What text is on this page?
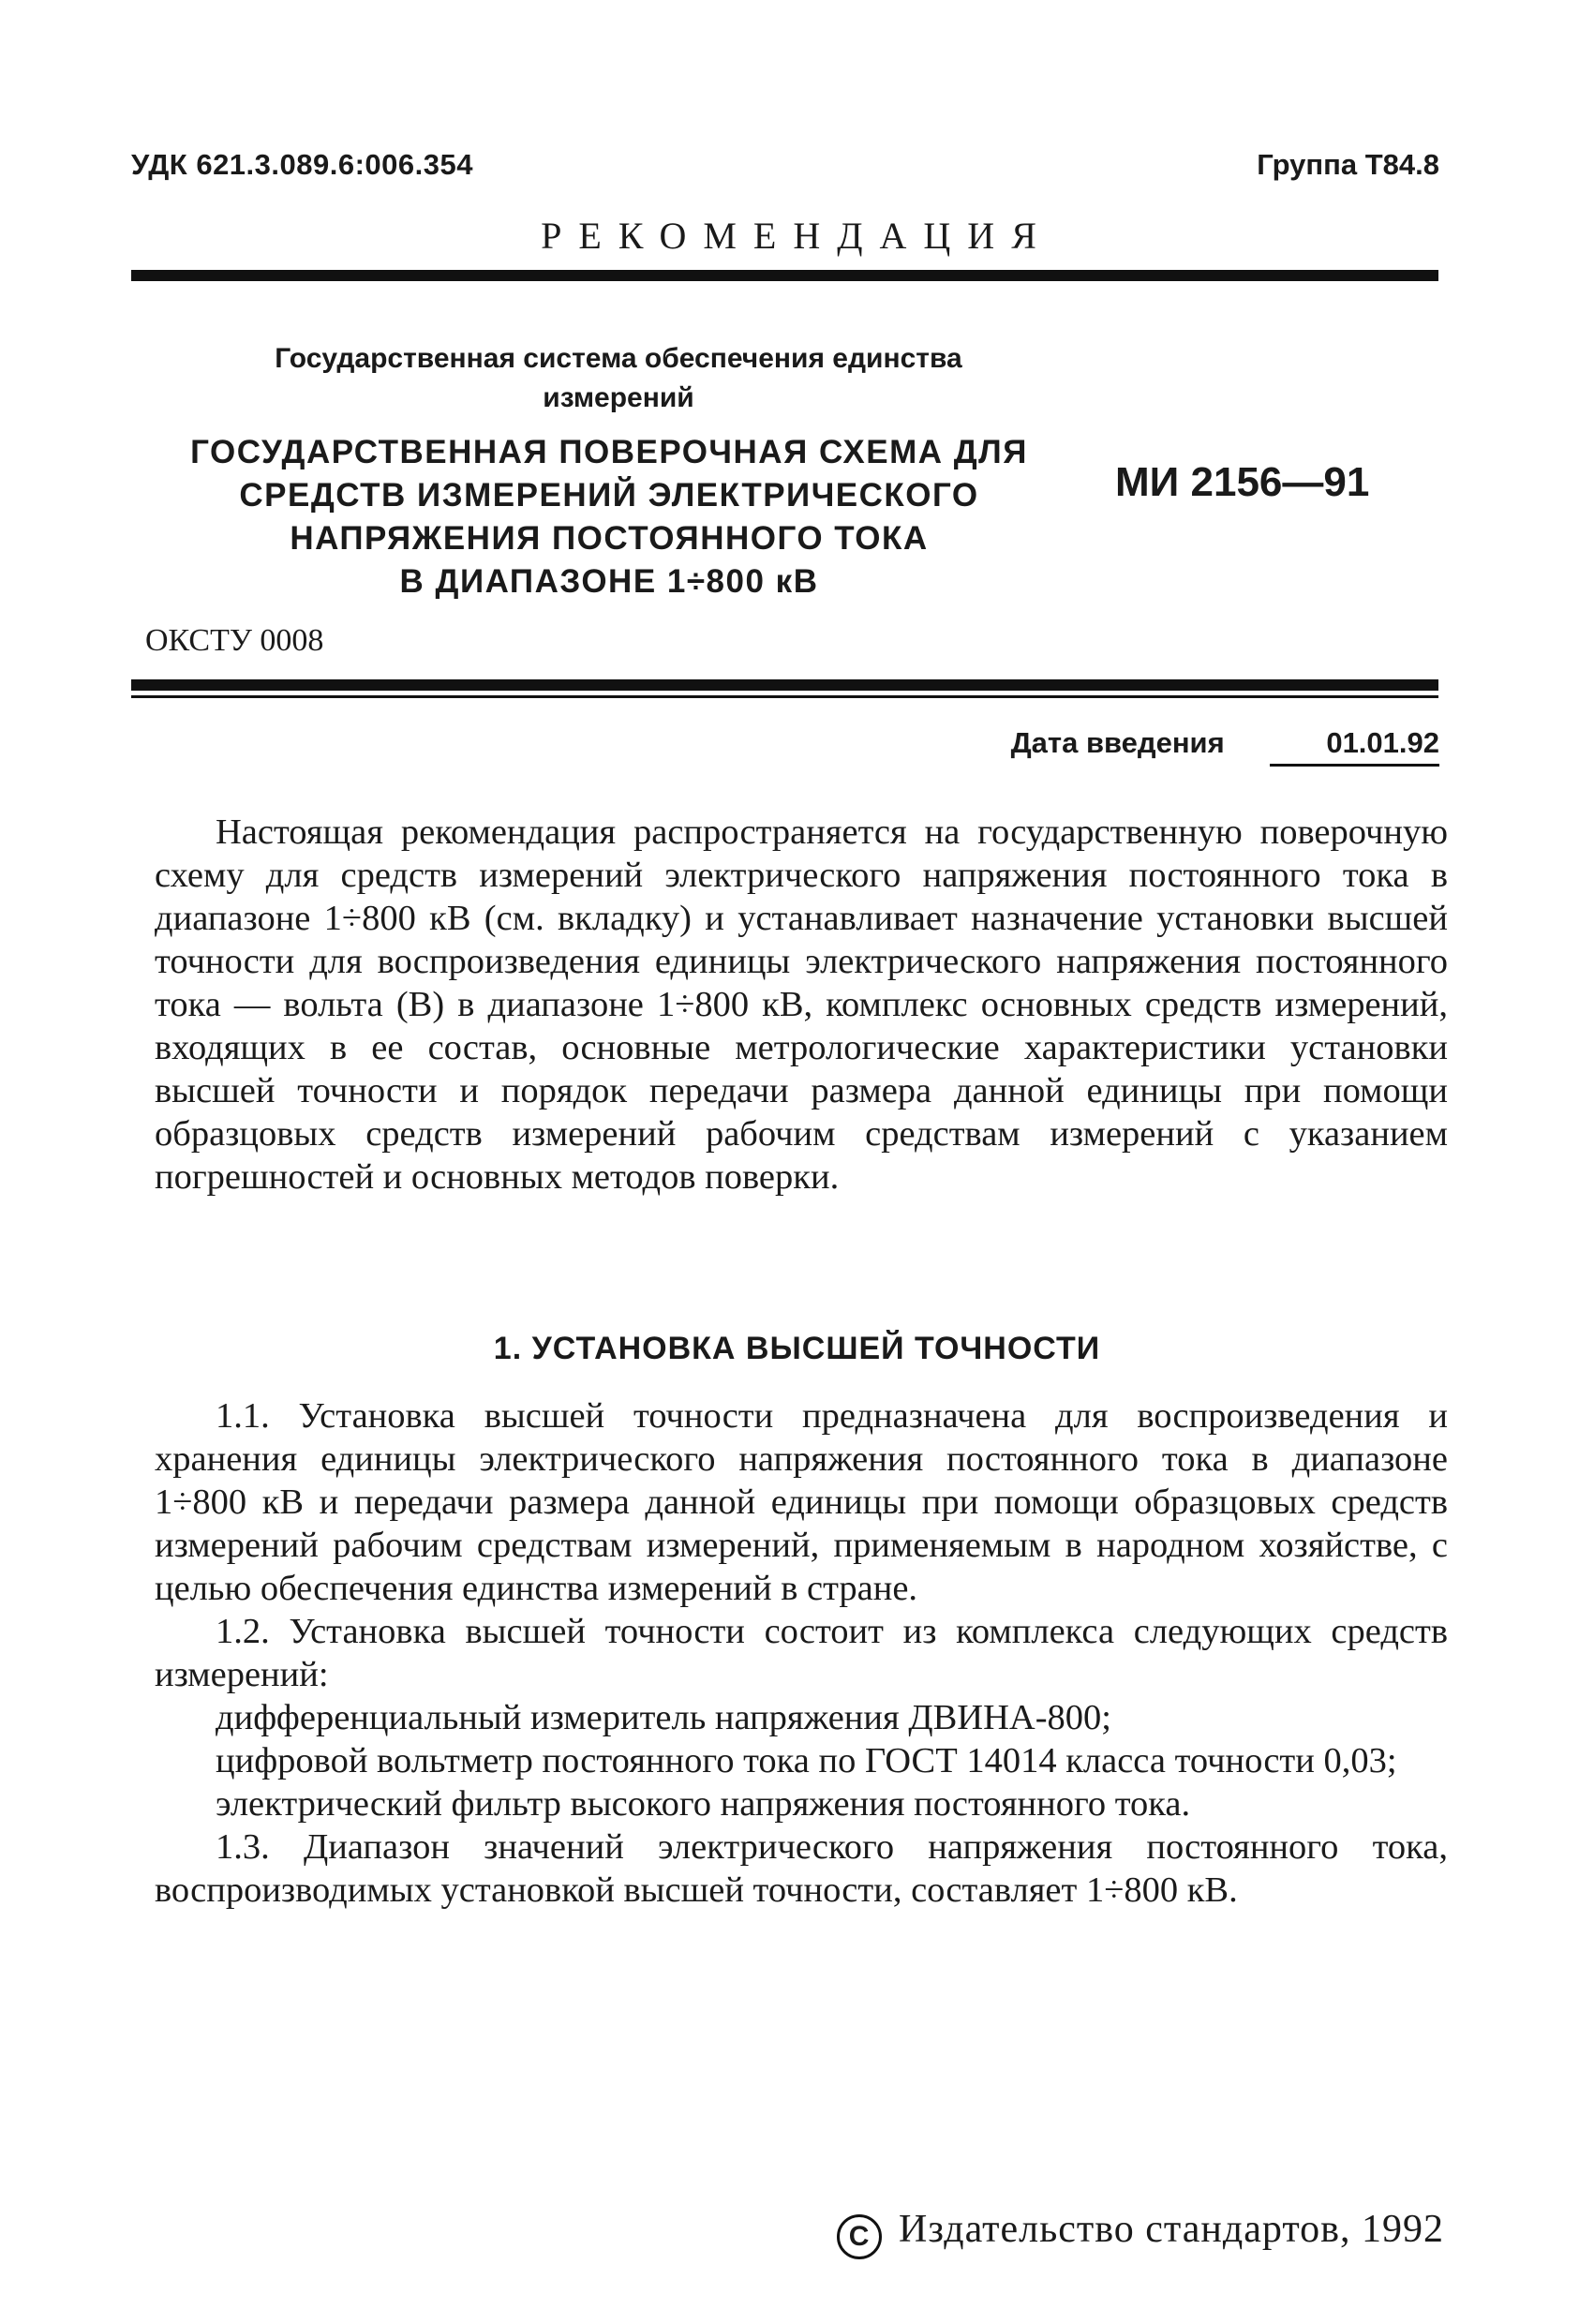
УДК 621.3.089.6:006.354	Группа Т84.8
РЕКОМЕНДАЦИЯ
Государственная система обеспечения единства
измерений
ГОСУДАРСТВЕННАЯ ПОВЕРОЧНАЯ СХЕМА ДЛЯ
СРЕДСТВ ИЗМЕРЕНИЙ ЭЛЕКТРИЧЕСКОГО
НАПРЯЖЕНИЯ ПОСТОЯННОГО ТОКА
В ДИАПАЗОНЕ 1÷800 кВ
МИ 2156—91
ОКСТУ 0008
Дата введения	01.01.92

Настоящая рекомендация распространяется на государственную поверочную схему для средств измерений электрического напряжения постоянного тока в диапазоне 1÷800 кВ (см. вкладку) и устанавливает назначение установки высшей точности для воспроизведения единицы электрического напряжения постоянного тока — вольта (В) в диапазоне 1÷800 кВ, комплекс основных средств измерений, входящих в ее состав, основные метрологические характеристики установки высшей точности и порядок передачи размера данной единицы при помощи образцовых средств измерений рабочим средствам измерений с указанием погрешностей и основных методов поверки.

1. УСТАНОВКА ВЫСШЕЙ ТОЧНОСТИ

1.1. Установка высшей точности предназначена для воспроизведения и хранения единицы электрического напряжения постоянного тока в диапазоне 1÷800 кВ и передачи размера данной единицы при помощи образцовых средств измерений рабочим средствам измерений, применяемым в народном хозяйстве, с целью обеспечения единства измерений в стране.

1.2. Установка высшей точности состоит из комплекса следующих средств измерений:

дифференциальный измеритель напряжения ДВИНА-800;

цифровой вольтметр постоянного тока по ГОСТ 14014 класса точности 0,03;

электрический фильтр высокого напряжения постоянного тока.

1.3. Диапазон значений электрического напряжения постоянного тока, воспроизводимых установкой высшей точности, составляет 1÷800 кВ.

С Издательство стандартов, 1992
